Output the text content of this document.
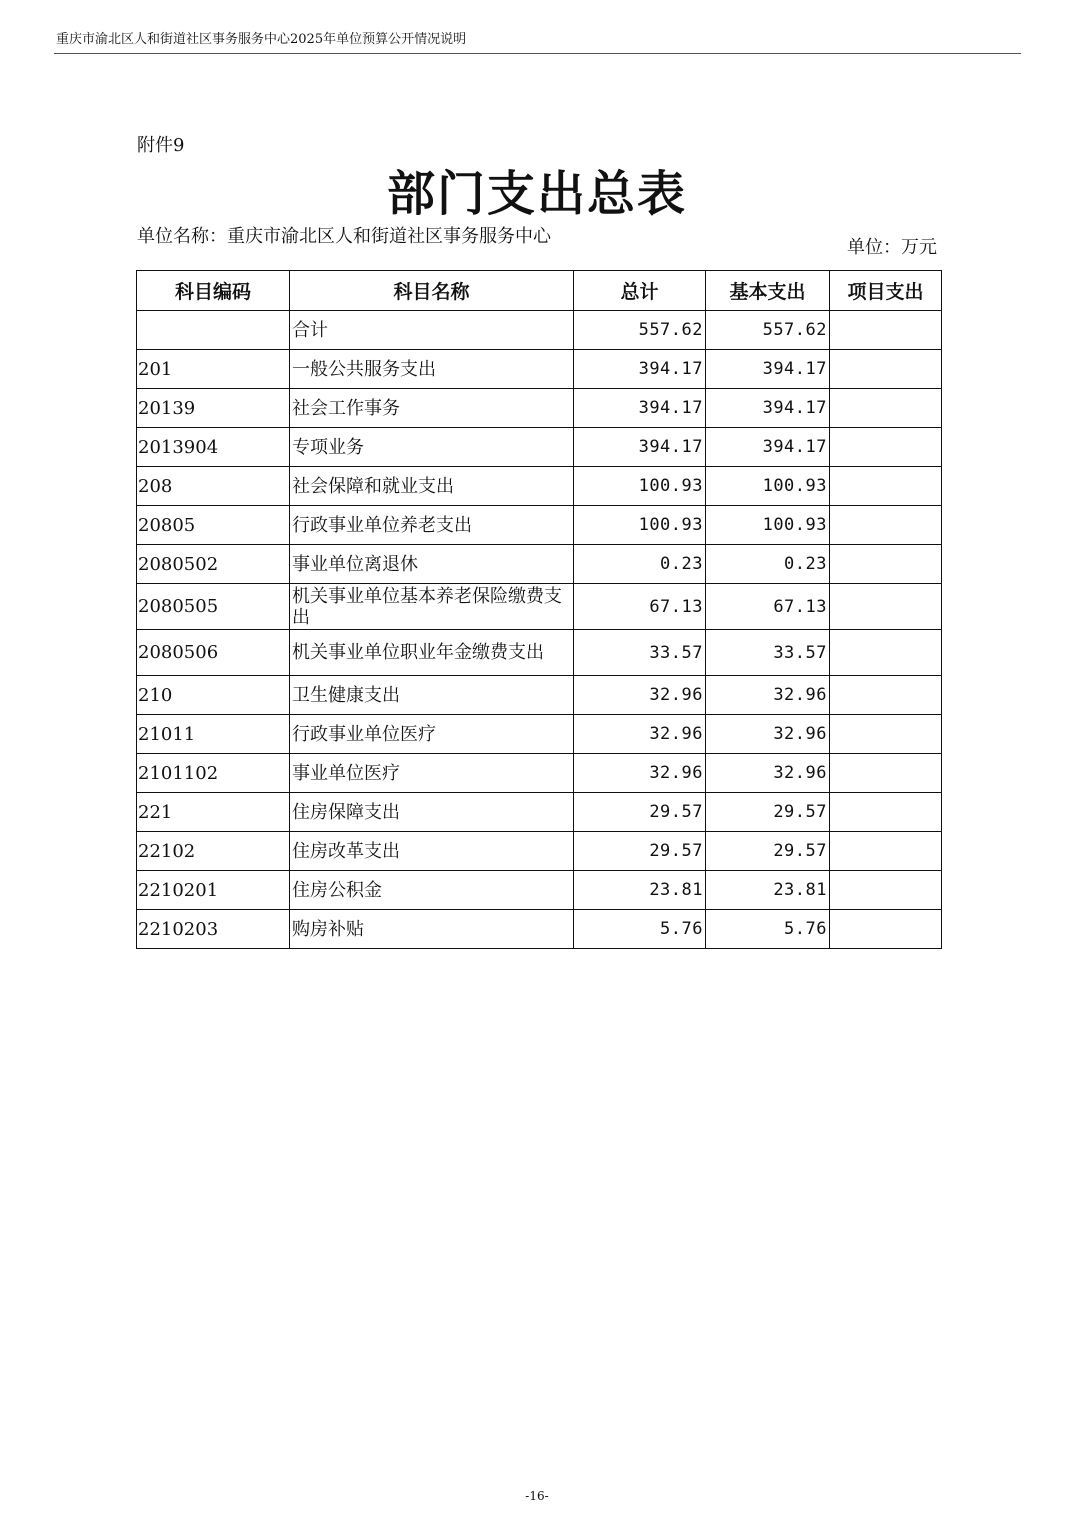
重庆市渝北区人和街道社区事务服务中心2025年单位预算公开情况说明
附件9
部门支出总表
单位名称：重庆市渝北区人和街道社区事务服务中心
单位：万元
科目编码	科目名称	总计	基本支出	项目支出
	合计	557.62	557.62	
201	一般公共服务支出	394.17	394.17	
20139	社会工作事务	394.17	394.17	
2013904	专项业务	394.17	394.17	
208	社会保障和就业支出	100.93	100.93	
20805	行政事业单位养老支出	100.93	100.93	
2080502	事业单位离退休	0.23	0.23	
2080505	机关事业单位基本养老保险缴费支出	67.13	67.13	
2080506	机关事业单位职业年金缴费支出	33.57	33.57	
210	卫生健康支出	32.96	32.96	
21011	行政事业单位医疗	32.96	32.96	
2101102	事业单位医疗	32.96	32.96	
221	住房保障支出	29.57	29.57	
22102	住房改革支出	29.57	29.57	
2210201	住房公积金	23.81	23.81	
2210203	购房补贴	5.76	5.76	
-16-
